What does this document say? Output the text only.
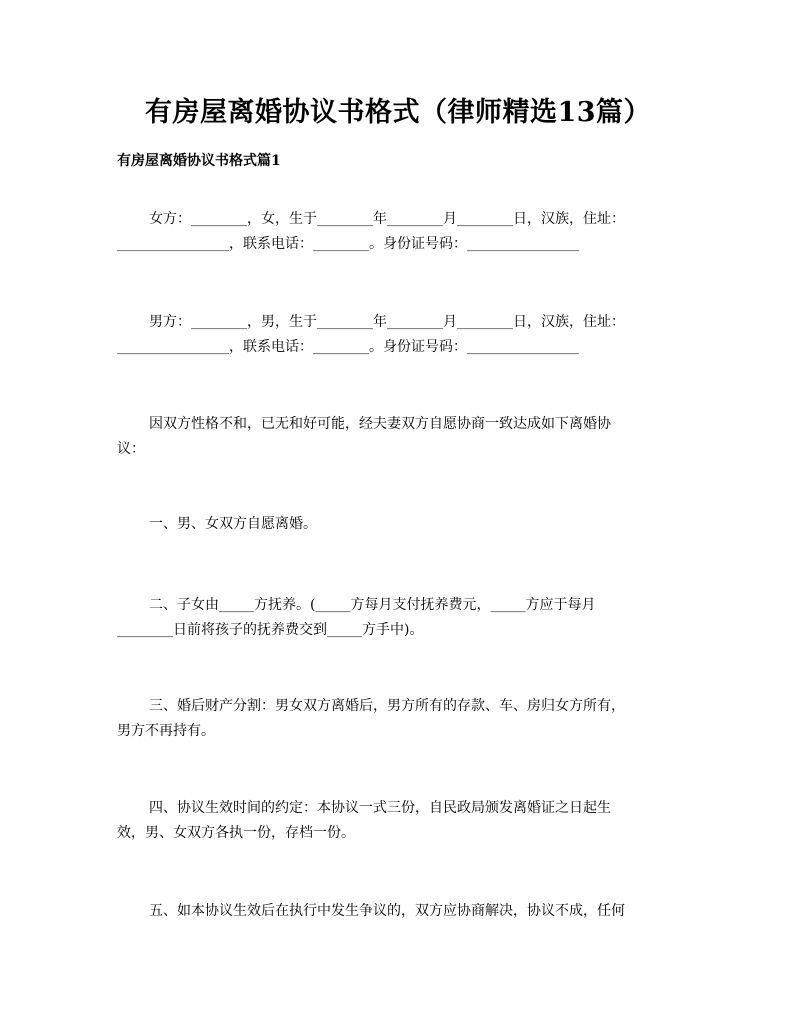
有房屋离婚协议书格式（律师精选13篇）
有房屋离婚协议书格式篇1
女方：________，女，生于________年________月________日，汉族，住址：
________________，联系电话：________。身份证号码：________________
男方：________，男，生于________年________月________日，汉族，住址：
________________，联系电话：________。身份证号码：________________
因双方性格不和，已无和好可能，经夫妻双方自愿协商一致达成如下离婚协
议：
一、男、女双方自愿离婚。
二、子女由_____方抚养。(_____方每月支付抚养费元，_____方应于每月
________日前将孩子的抚养费交到_____方手中)。
三、婚后财产分割：男女双方离婚后，男方所有的存款、车、房归女方所有，
男方不再持有。
四、协议生效时间的约定：本协议一式三份，自民政局颁发离婚证之日起生
效，男、女双方各执一份，存档一份。
五、如本协议生效后在执行中发生争议的，双方应协商解决，协议不成，任何
